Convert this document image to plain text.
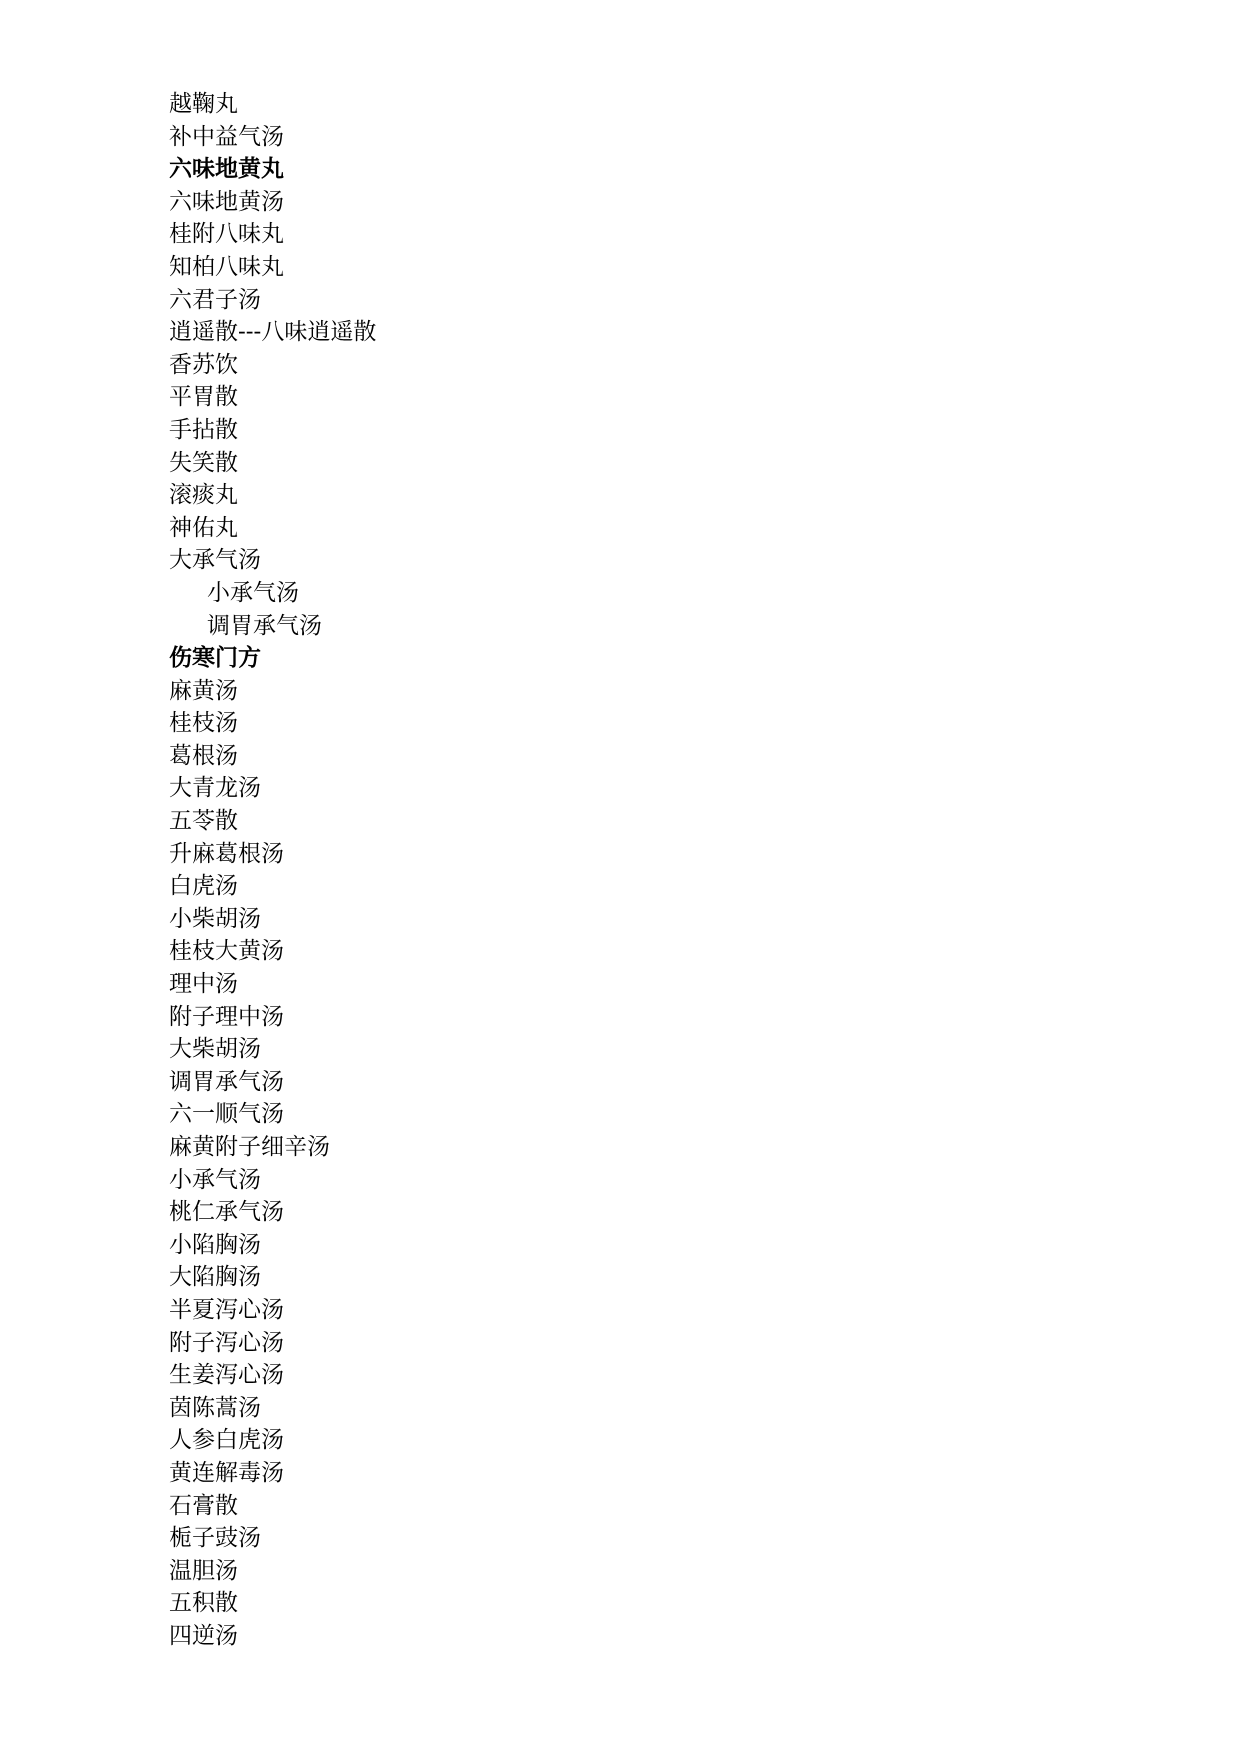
越鞠丸
补中益气汤
六味地黄丸
六味地黄汤
桂附八味丸
知柏八味丸
六君子汤
逍遥散---八味逍遥散
香苏饮
平胃散
手拈散
失笑散
滚痰丸
神佑丸
大承气汤
小承气汤
调胃承气汤
伤寒门方
麻黄汤
桂枝汤
葛根汤
大青龙汤
五苓散
升麻葛根汤
白虎汤
小柴胡汤
桂枝大黄汤
理中汤
附子理中汤
大柴胡汤
调胃承气汤
六一顺气汤
麻黄附子细辛汤
小承气汤
桃仁承气汤
小陷胸汤
大陷胸汤
半夏泻心汤
附子泻心汤
生姜泻心汤
茵陈蒿汤
人参白虎汤
黄连解毒汤
石膏散
栀子豉汤
温胆汤
五积散
四逆汤
